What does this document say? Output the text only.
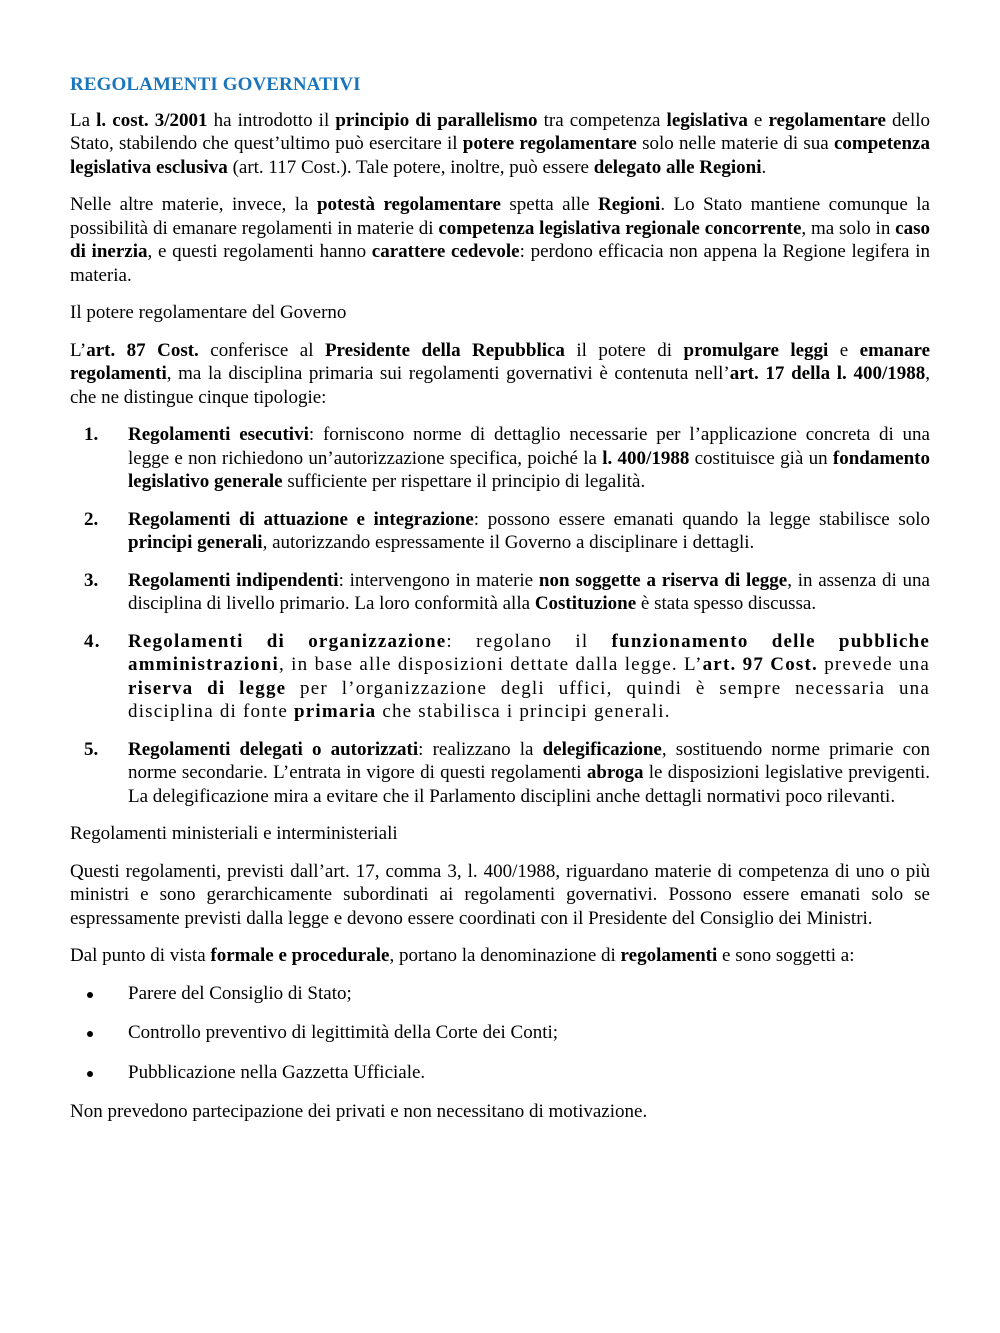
REGOLAMENTI GOVERNATIVI

La l. cost. 3/2001 ha introdotto il principio di parallelismo tra competenza legislativa e regolamentare dello Stato, stabilendo che quest’ultimo può esercitare il potere regolamentare solo nelle materie di sua competenza legislativa esclusiva (art. 117 Cost.). Tale potere, inoltre, può essere delegato alle Regioni.

Nelle altre materie, invece, la potestà regolamentare spetta alle Regioni. Lo Stato mantiene comunque la possibilità di emanare regolamenti in materie di competenza legislativa regionale concorrente, ma solo in caso di inerzia, e questi regolamenti hanno carattere cedevole: perdono efficacia non appena la Regione legifera in materia.

Il potere regolamentare del Governo

L’art. 87 Cost. conferisce al Presidente della Repubblica il potere di promulgare leggi e emanare regolamenti, ma la disciplina primaria sui regolamenti governativi è contenuta nell’art. 17 della l. 400/1988, che ne distingue cinque tipologie:

1. Regolamenti esecutivi: forniscono norme di dettaglio necessarie per l’applicazione concreta di una legge e non richiedono un’autorizzazione specifica, poiché la l. 400/1988 costituisce già un fondamento legislativo generale sufficiente per rispettare il principio di legalità.
2. Regolamenti di attuazione e integrazione: possono essere emanati quando la legge stabilisce solo principi generali, autorizzando espressamente il Governo a disciplinare i dettagli.
3. Regolamenti indipendenti: intervengono in materie non soggette a riserva di legge, in assenza di una disciplina di livello primario. La loro conformità alla Costituzione è stata spesso discussa.
4. Regolamenti di organizzazione: regolano il funzionamento delle pubbliche amministrazioni, in base alle disposizioni dettate dalla legge. L’art. 97 Cost. prevede una riserva di legge per l’organizzazione degli uffici, quindi è sempre necessaria una disciplina di fonte primaria che stabilisca i principi generali.
5. Regolamenti delegati o autorizzati: realizzano la delegificazione, sostituendo norme primarie con norme secondarie. L’entrata in vigore di questi regolamenti abroga le disposizioni legislative previgenti. La delegificazione mira a evitare che il Parlamento disciplini anche dettagli normativi poco rilevanti.

Regolamenti ministeriali e interministeriali

Questi regolamenti, previsti dall’art. 17, comma 3, l. 400/1988, riguardano materie di competenza di uno o più ministri e sono gerarchicamente subordinati ai regolamenti governativi. Possono essere emanati solo se espressamente previsti dalla legge e devono essere coordinati con il Presidente del Consiglio dei Ministri.

Dal punto di vista formale e procedurale, portano la denominazione di regolamenti e sono soggetti a:

Parere del Consiglio di Stato;
Controllo preventivo di legittimità della Corte dei Conti;
Pubblicazione nella Gazzetta Ufficiale.

Non prevedono partecipazione dei privati e non necessitano di motivazione.
